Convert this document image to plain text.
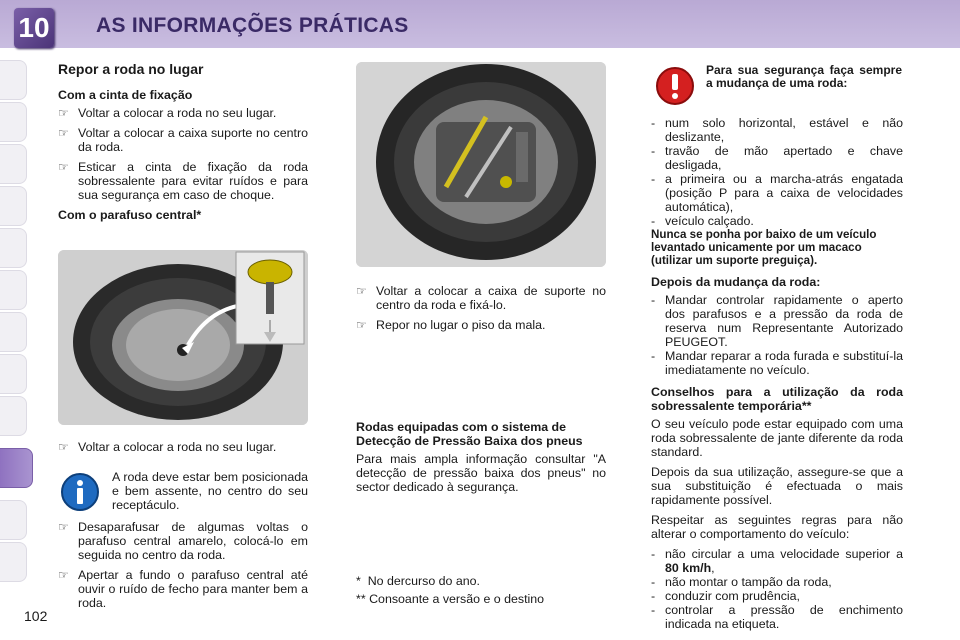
10 AS INFORMAÇÕES PRÁTICAS
Repor a roda no lugar
Com a cinta de fixação
☞ Voltar a colocar a roda no seu lugar.
☞ Voltar a colocar a caixa suporte no centro da roda.
☞ Esticar a cinta de fixação da roda sobressalente para evitar ruídos e para sua segurança em caso de choque.
Com o parafuso central*
☞ Voltar a colocar a roda no seu lugar.

A roda deve estar bem posicionada e bem assente, no centro do seu receptáculo.

☞ Desaparafusar de algumas voltas o parafuso central amarelo, colocá-lo em seguida no centro da roda.
☞ Apertar a fundo o parafuso central até ouvir o ruído de fecho para manter bem a roda.
☞ Voltar a colocar a caixa de suporte no centro da roda e fixá-lo.
☞ Repor no lugar o piso da mala.
Rodas equipadas com o sistema de Detecção de Pressão Baixa dos pneus

Para mais ampla informação consultar "A detecção de pressão baixa dos pneus" no sector dedicado à segurança.

* No dercurso do ano.
** Consoante a versão e o destino
Para sua segurança faça sempre a mudança de uma roda:
- num solo horizontal, estável e não deslizante,
- travão de mão apertado e chave desligada,
- a primeira ou a marcha-atrás engatada (posição P para a caixa de velocidades automática),
- veículo calçado.
Nunca se ponha por baixo de um veículo levantado unicamente por um macaco (utilizar um suporte preguiça).
Depois da mudança da roda:
- Mandar controlar rapidamente o aperto dos parafusos e a pressão da roda de reserva num Representante Autorizado PEUGEOT.
- Mandar reparar a roda furada e substituí-la imediatamente no veículo.
Conselhos para a utilização da roda sobressalente temporária**

O seu veículo pode estar equipado com uma roda sobressalente de jante diferente da roda standard.

Depois da sua utilização, assegure-se que a sua substituição é efectuada o mais rapidamente possível.

Respeitar as seguintes regras para não alterar o comportamento do veículo:

- não circular a uma velocidade superior a 80 km/h,
- não montar o tampão da roda,
- conduzir com prudência,
- controlar a pressão de enchimento indicada na etiqueta.
102
